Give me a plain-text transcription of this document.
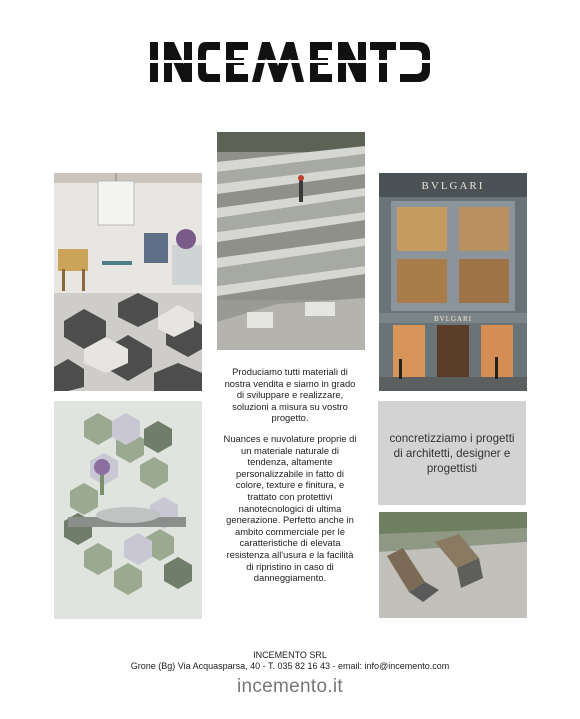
BVLGARI
BVLGARI

Produciamo tutti materiali di nostra vendita e siamo in grado di sviluppare e realizzare, soluzioni a misura su vostro progetto.

Nuances e nuvolature proprie di un materiale naturale di tendenza, altamente personalizzabile in fatto di colore, texture e finitura, e trattato con protettivi nanotecnologici di ultima generazione. Perfetto anche in ambito commerciale per le caratteristiche di elevata resistenza all'usura e la facilità di ripristino in caso di danneggiamento.

concretizziamo i progetti di architetti, designer e progettisti
INCEMENTO SRL
Grone (Bg) Via Acquasparsa, 40 - T. 035 82 16 43 - email: info@incemento.com
incemento.it
